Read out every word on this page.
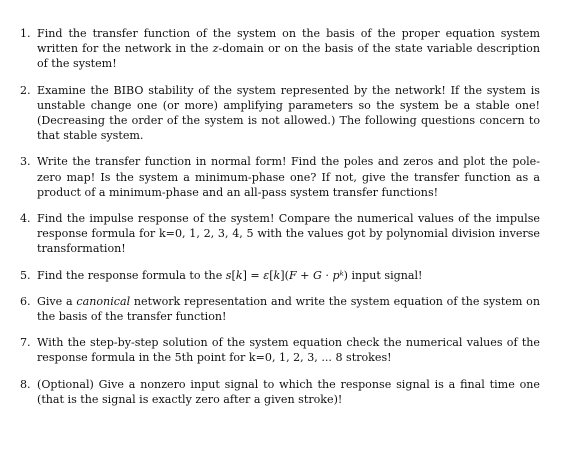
1. Find the transfer function of the system on the basis of the proper equation system written for the network in the z-domain or on the basis of the state variable description of the system!
2. Examine the BIBO stability of the system represented by the network! If the system is unstable change one (or more) amplifying parameters so the system be a stable one! (Decreasing the order of the system is not allowed.) The following questions concern to that stable system.
3. Write the transfer function in normal form! Find the poles and zeros and plot the pole-zero map! Is the system a minimum-phase one? If not, give the transfer function as a product of a minimum-phase and an all-pass system transfer functions!
4. Find the impulse response of the system! Compare the numerical values of the impulse response formula for k=0, 1, 2, 3, 4, 5 with the values got by polynomial division inverse transformation!
5. Find the response formula to the s[k] = ε[k](F + G · pᵏ) input signal!
6. Give a canonical network representation and write the system equation of the system on the basis of the transfer function!
7. With the step-by-step solution of the system equation check the numerical values of the response formula in the 5th point for k=0, 1, 2, 3, ... 8 strokes!
8. (Optional) Give a nonzero input signal to which the response signal is a final time one (that is the signal is exactly zero after a given stroke)!
